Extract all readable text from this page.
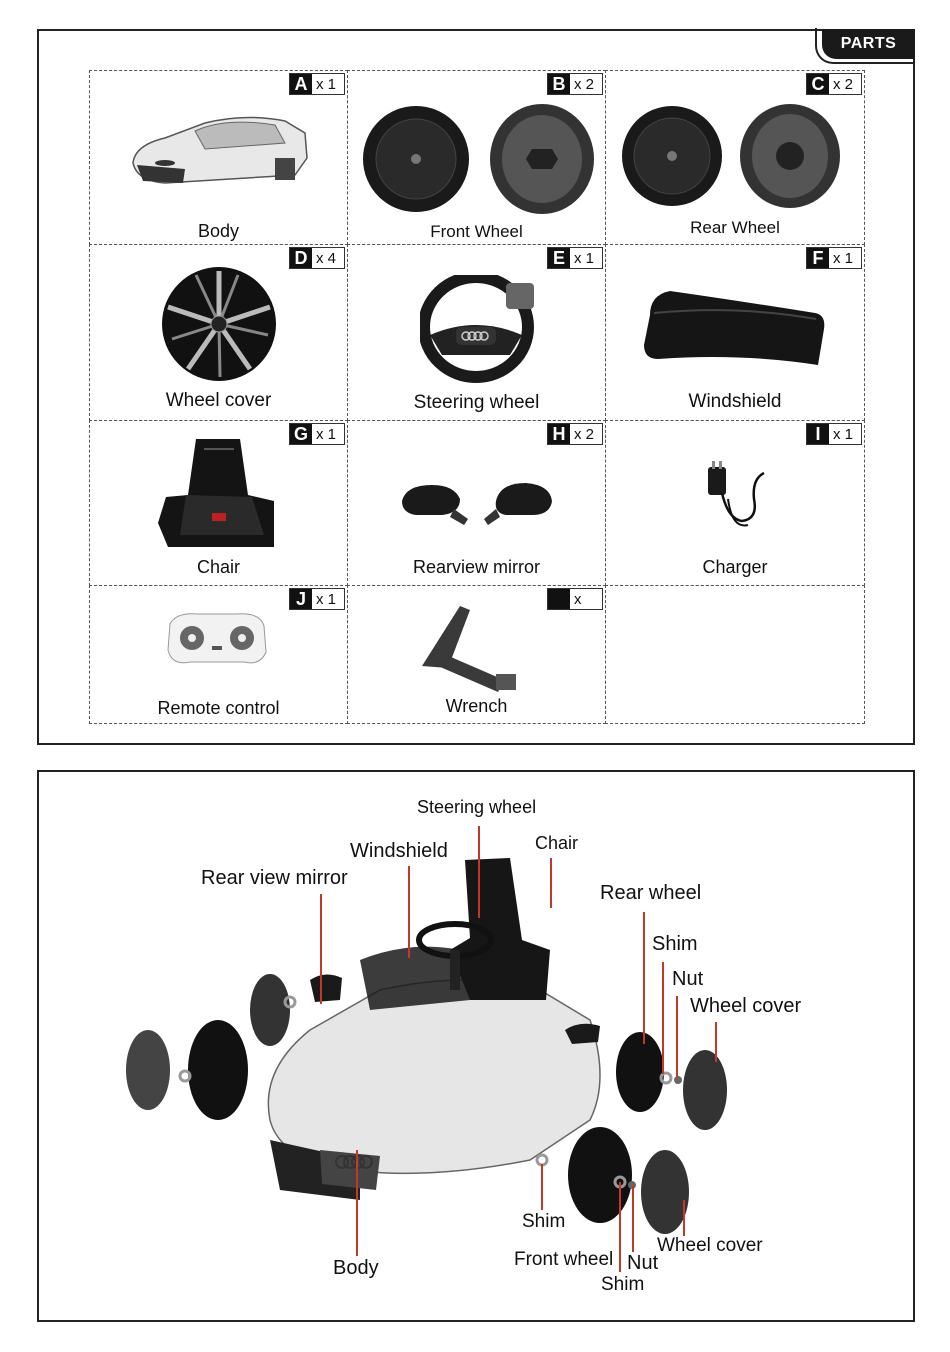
PARTS
A x 1
Body
B x 2
Front Wheel
C x 2
Rear Wheel
D x 4
Wheel cover
E x 1
Steering wheel
F x 1
Windshield
G x 1
Chair
H x 2
Rearview mirror
I x 1
Charger
J x 1
Remote control
x
Wrench
Steering wheel
Chair
Windshield
Rear view mirror
Rear wheel
Shim
Nut
Wheel cover
Shim
Front wheel Nut
Shim
Wheel cover
Body
